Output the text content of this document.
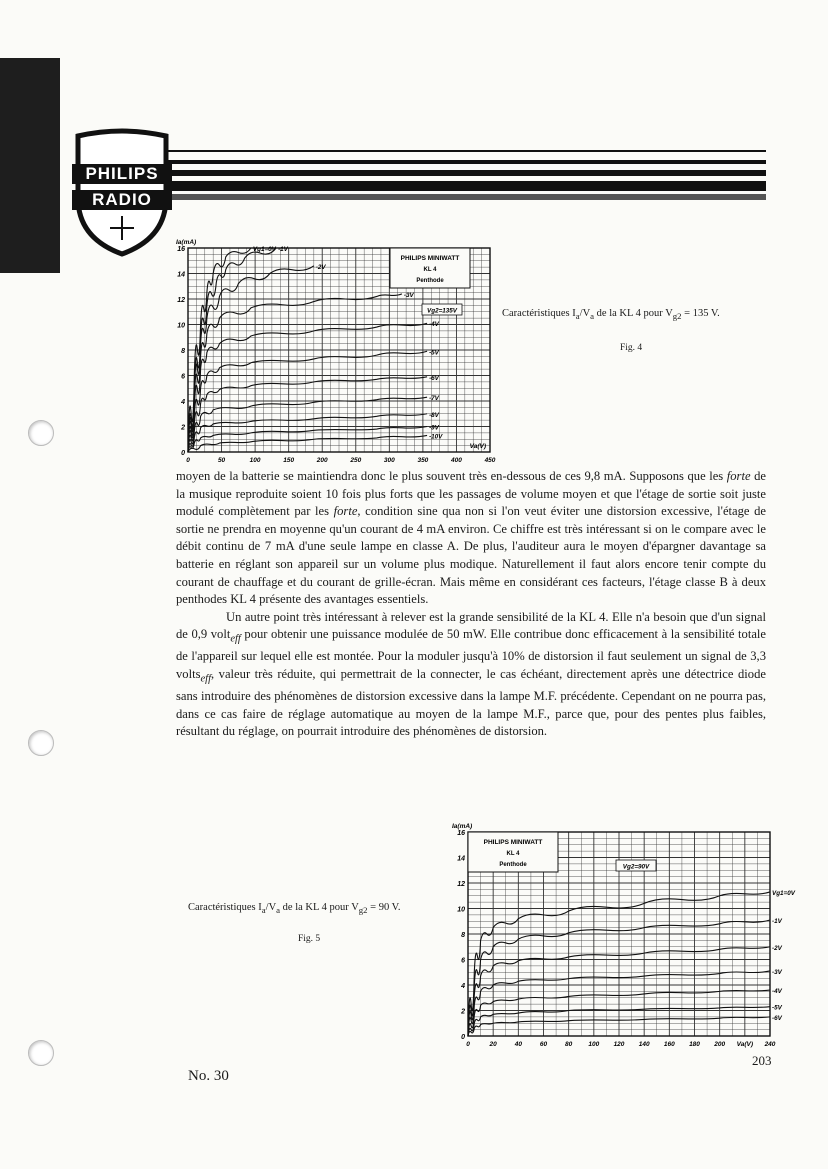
PHILIPS
RADIO
0
2
4
6
8
10
12
14
16
0	50	100	150	200	250	300	350	400	450
Ia(mA)
Va(V)
PHILIPS MINIWATT
KL 4
Penthode
Vg2=135V
Vg1=0V -1V
-2V
-3V
-4V
-5V
-6V
-7V
-8V
-9V
-10V
Caractéristiques $I_a/V_a$ de la KL 4 pour $V_{g2} = 135$ V.
Fig. 4

moyen de la batterie se maintiendra donc le plus souvent très en-dessous de ces 9,8 mA. Supposons que les forte de la musique reproduite soient 10 fois plus forts que les passages de volume moyen et que l'étage de sortie soit juste modulé complètement par les forte, condition sine qua non si l'on veut éviter une distorsion excessive, l'étage de sortie ne prendra en moyenne qu'un courant de 4 mA environ. Ce chiffre est très intéressant si on le compare avec le débit continu de 7 mA d'une seule lampe en classe A. De plus, l'auditeur aura le moyen d'épargner davantage sa batterie en réglant son appareil sur un volume plus modique. Naturellement il faut alors encore tenir compte du courant de chauffage et du courant de grille-écran. Mais même en considérant ces facteurs, l'étage classe B à deux penthodes KL 4 présente des avantages essentiels.

Un autre point très intéressant à relever est la grande sensibilité de la KL 4. Elle n'a besoin que d'un signal de 0,9 volt$_{eff}$ pour obtenir une puissance modulée de 50 mW. Elle contribue donc efficacement à la sensibilité totale de l'appareil sur lequel elle est montée. Pour la moduler jusqu'à 10% de distorsion il faut seulement un signal de 3,3 volts$_{eff}$, valeur très réduite, qui permettrait de la connecter, le cas échéant, directement après une détectrice diode sans introduire des phénomènes de distorsion excessive dans la lampe M.F. précédente. Cependant on ne pourra pas, dans ce cas faire de réglage automatique au moyen de la lampe M.F., parce que, pour des pentes plus faibles, résultant du réglage, on pourrait introduire des phénomènes de distorsion.

0
2
4
6
8
10
12
14
16
0	20	40	60	80 100 120 140 160 180 200 Va(V) 240
Ia(mA)
PHILIPS MINIWATT
KL 4
Penthode	Vg2=90V
Vg1=0V
-1V
-2V
-3V
-4V
-5V
-6V
Caractéristiques $I_a/V_a$ de la KL 4 pour $V_{g2} = 90$ V.
Fig. 5
No. 30
203
